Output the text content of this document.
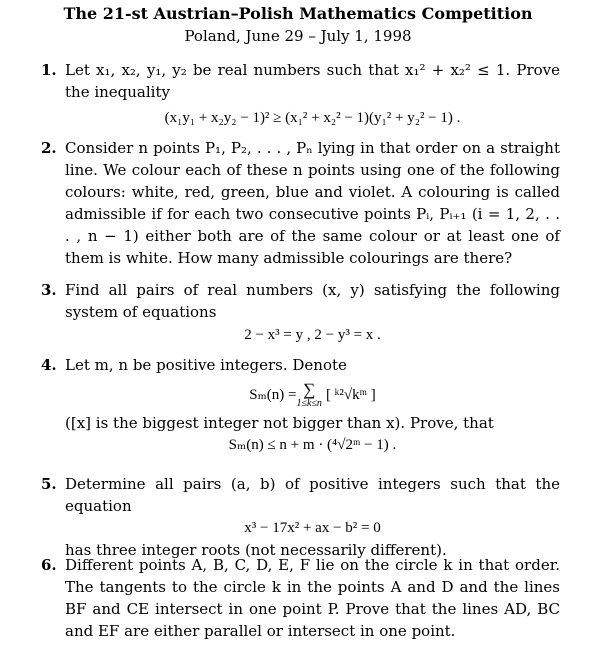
The 21-st Austrian–Polish Mathematics Competition
Poland, June 29 – July 1, 1998
1. Let x₁, x₂, y₁, y₂ be real numbers such that x₁² + x₂² ≤ 1. Prove the inequality
(x₁y₁ + x₂y₂ − 1)² ≥ (x₁² + x₂² − 1)(y₁² + y₂² − 1) .
2. Consider n points P₁, P₂, . . . , Pₙ lying in that order on a straight line. We colour each of these n points using one of the following colours: white, red, green, blue and violet. A colouring is called admissible if for each two consecutive points Pᵢ, Pᵢ₊₁ (i = 1, 2, . . . , n − 1) either both are of the same colour or at least one of them is white. How many admissible colourings are there?
3. Find all pairs of real numbers (x, y) satisfying the following system of equations
2 − x³ = y , 2 − y³ = x .
4. Let m, n be positive integers. Denote
Sₘ(n) = ∑
1≤k≤n [ ᵏ²√kᵐ ]
([x] is the biggest integer not bigger than x). Prove, that
Sₘ(n) ≤ n + m · (⁴√2ᵐ − 1) .
5. Determine all pairs (a, b) of positive integers such that the equation
x³ − 17x² + ax − b² = 0
has three integer roots (not necessarily different).
6. Different points A, B, C, D, E, F lie on the circle k in that order. The tangents to the circle k in the points A and D and the lines BF and CE intersect in one point P. Prove that the lines AD, BC and EF are either parallel or intersect in one point.
